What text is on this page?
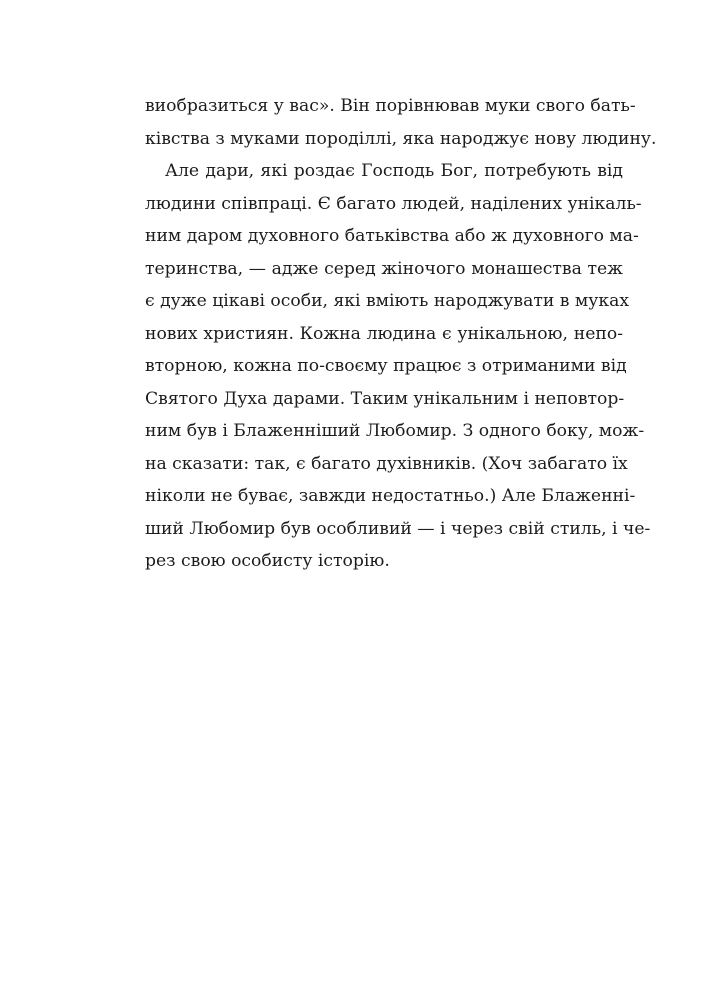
виобразиться у вас». Він порівнював муки свого бать-
ківства з муками породіллі, яка народжує нову людину.
Але дари, які роздає Господь Бог, потребують від
людини співпраці. Є багато людей, наділених унікаль-
ним даром духовного батьківства або ж духовного ма-
теринства, — адже серед жіночого монашества теж
є дуже цікаві особи, які вміють народжувати в муках
нових християн. Кожна людина є унікальною, непо-
вторною, кожна по-своєму працює з отриманими від
Святого Духа дарами. Таким унікальним і неповтор-
ним був і Блаженніший Любомир. З одного боку, мож-
на сказати: так, є багато духівників. (Хоч забагато їх
ніколи не буває, завжди недостатньо.) Але Блаженні-
ший Любомир був особливий — і через свій стиль, і че-
рез свою особисту історію.
